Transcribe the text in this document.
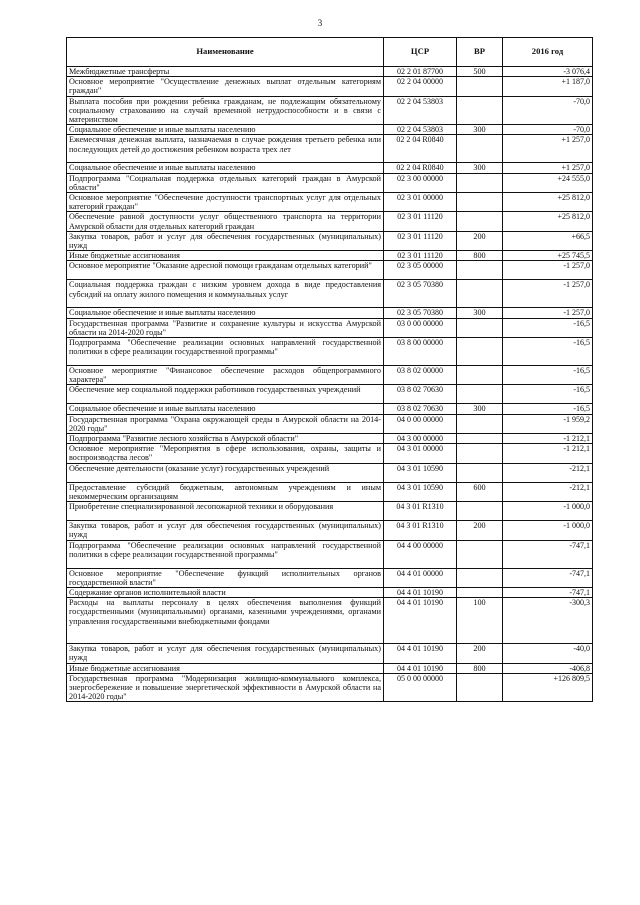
3
Наименование	ЦСР	ВР	2016 год
Межбюджетные трансферты	02 2 01 87700	500	-3 076,4
Основное мероприятие "Осуществление денежных выплат отдельным категориям граждан"	02 2 04 00000		+1 187,0
Выплата пособия при рождении ребенка гражданам, не подлежащим обязательному социальному страхованию на случай временной нетрудоспособности и в связи с материнством	02 2 04 53803		-70,0
Социальное обеспечение и иные выплаты населению	02 2 04 53803	300	-70,0
Ежемесячная денежная выплата, назначаемая в случае рождения третьего ребенка или последующих детей до достижения ребенком возраста трех лет	02 2 04 R0840		+1 257,0
Социальное обеспечение и иные выплаты населению	02 2 04 R0840	300	+1 257,0
Подпрограмма "Социальная поддержка отдельных категорий граждан в Амурской области"	02 3 00 00000		+24 555,0
Основное мероприятие "Обеспечение доступности транспортных услуг для отдельных категорий граждан"	02 3 01 00000		+25 812,0
Обеспечение равной доступности услуг общественного транспорта на территории Амурской области для отдельных категорий граждан	02 3 01 11120		+25 812,0
Закупка товаров, работ и услуг для обеспечения государственных (муниципальных) нужд	02 3 01 11120	200	+66,5
Иные бюджетные ассигнования	02 3 01 11120	800	+25 745,5
Основное мероприятие "Оказание адресной помощи гражданам отдельных категорий"	02 3 05 00000		-1 257,0
Социальная поддержка граждан с низким уровнем дохода в виде предоставления субсидий на оплату жилого помещения и коммунальных услуг	02 3 05 70380		-1 257,0
Социальное обеспечение и иные выплаты населению	02 3 05 70380	300	-1 257,0
Государственная программа "Развитие и сохранение культуры и искусства Амурской области на 2014-2020 годы"	03 0 00 00000		-16,5
Подпрограмма "Обеспечение реализации основных направлений государственной политики в сфере реализации государственной программы"	03 8 00 00000		-16,5
Основное мероприятие "Финансовое обеспечение расходов общепрограммного характера"	03 8 02 00000		-16,5
Обеспечение мер социальной поддержки работников государственных учреждений	03 8 02 70630		-16,5
Социальное обеспечение и иные выплаты населению	03 8 02 70630	300	-16,5
Государственная программа "Охрана окружающей среды в Амурской области на 2014-2020 годы"	04 0 00 00000		-1 959,2
Подпрограмма "Развитие лесного хозяйства в Амурской области"	04 3 00 00000		-1 212,1
Основное мероприятие "Мероприятия в сфере использования, охраны, защиты и воспроизводства лесов"	04 3 01 00000		-1 212,1
Обеспечение деятельности (оказание услуг) государственных учреждений	04 3 01 10590		-212,1
Предоставление субсидий бюджетным, автономным учреждениям и иным некоммерческим организациям	04 3 01 10590	600	-212,1
Приобретение специализированной лесопожарной техники и оборудования	04 3 01 R1310		-1 000,0
Закупка товаров, работ и услуг для обеспечения государственных (муниципальных) нужд	04 3 01 R1310	200	-1 000,0
Подпрограмма "Обеспечение реализации основных направлений государственной политики в сфере реализации государственной программы"	04 4 00 00000		-747,1
Основное мероприятие "Обеспечение функций исполнительных органов государственной власти"	04 4 01 00000		-747,1
Содержание органов исполнительной власти	04 4 01 10190		-747,1
Расходы на выплаты персоналу в целях обеспечения выполнения функций государственными (муниципальными) органами, казенными учреждениями, органами управления государственными внебюджетными фондами	04 4 01 10190	100	-300,3
Закупка товаров, работ и услуг для обеспечения государственных (муниципальных) нужд	04 4 01 10190	200	-40,0
Иные бюджетные ассигнования	04 4 01 10190	800	-406,8
Государственная программа "Модернизация жилищно-коммунального комплекса, энергосбережение и повышение энергетической эффективности в Амурской области на 2014-2020 годы"	05 0 00 00000		+126 809,5
